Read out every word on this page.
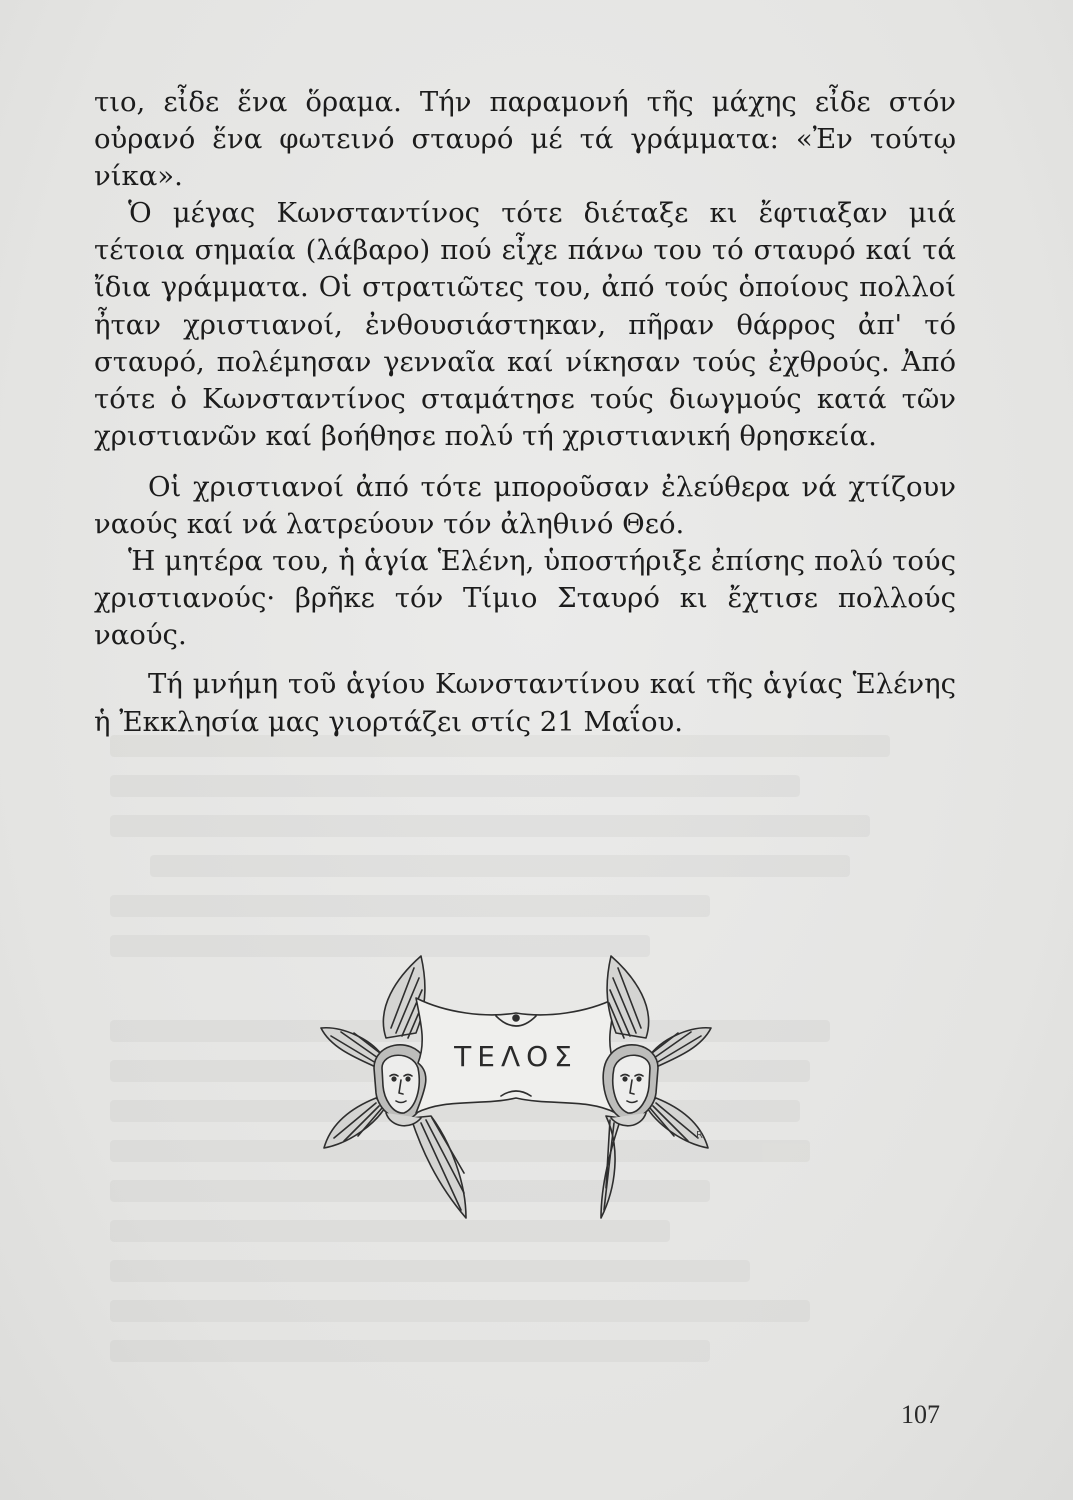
τιο, εἶδε ἕνα ὅραμα. Τήν παραμονή τῆς μάχης εἶδε στόν οὐρανό ἕνα φωτεινό σταυρό μέ τά γράμματα: «Ἐν τούτῳ νίκα».

Ὁ μέγας Κωνσταντίνος τότε διέταξε κι ἔφτιαξαν μιά τέτοια σημαία (λάβαρο) πού εἶχε πάνω του τό σταυρό καί τά ἴδια γράμματα. Οἱ στρατιῶτες του, ἀπό τούς ὁποίους πολλοί ἦταν χριστιανοί, ἐνθουσιάστηκαν, πῆραν θάρρος ἀπ' τό σταυρό, πολέμησαν γενναῖα καί νίκησαν τούς ἐχθρούς. Ἀπό τότε ὁ Κωνσταντίνος σταμάτησε τούς διωγμούς κατά τῶν χριστιανῶν καί βοήθησε πολύ τή χριστιανική θρησκεία.

Οἱ χριστιανοί ἀπό τότε μποροῦσαν ἐλεύθερα νά χτίζουν ναούς καί νά λατρεύουν τόν ἀληθινό Θεό.

Ἡ μητέρα του, ἡ ἁγία Ἑλένη, ὑποστήριξε ἐπίσης πολύ τούς χριστιανούς· βρῆκε τόν Τίμιο Σταυρό κι ἔχτισε πολλούς ναούς.

Τή μνήμη τοῦ ἁγίου Κωνσταντίνου καί τῆς ἁγίας Ἑλένης ἡ Ἐκκλησία μας γιορτάζει στίς 21 Μαΐου.

ΤΕΛΟΣ
R
107
